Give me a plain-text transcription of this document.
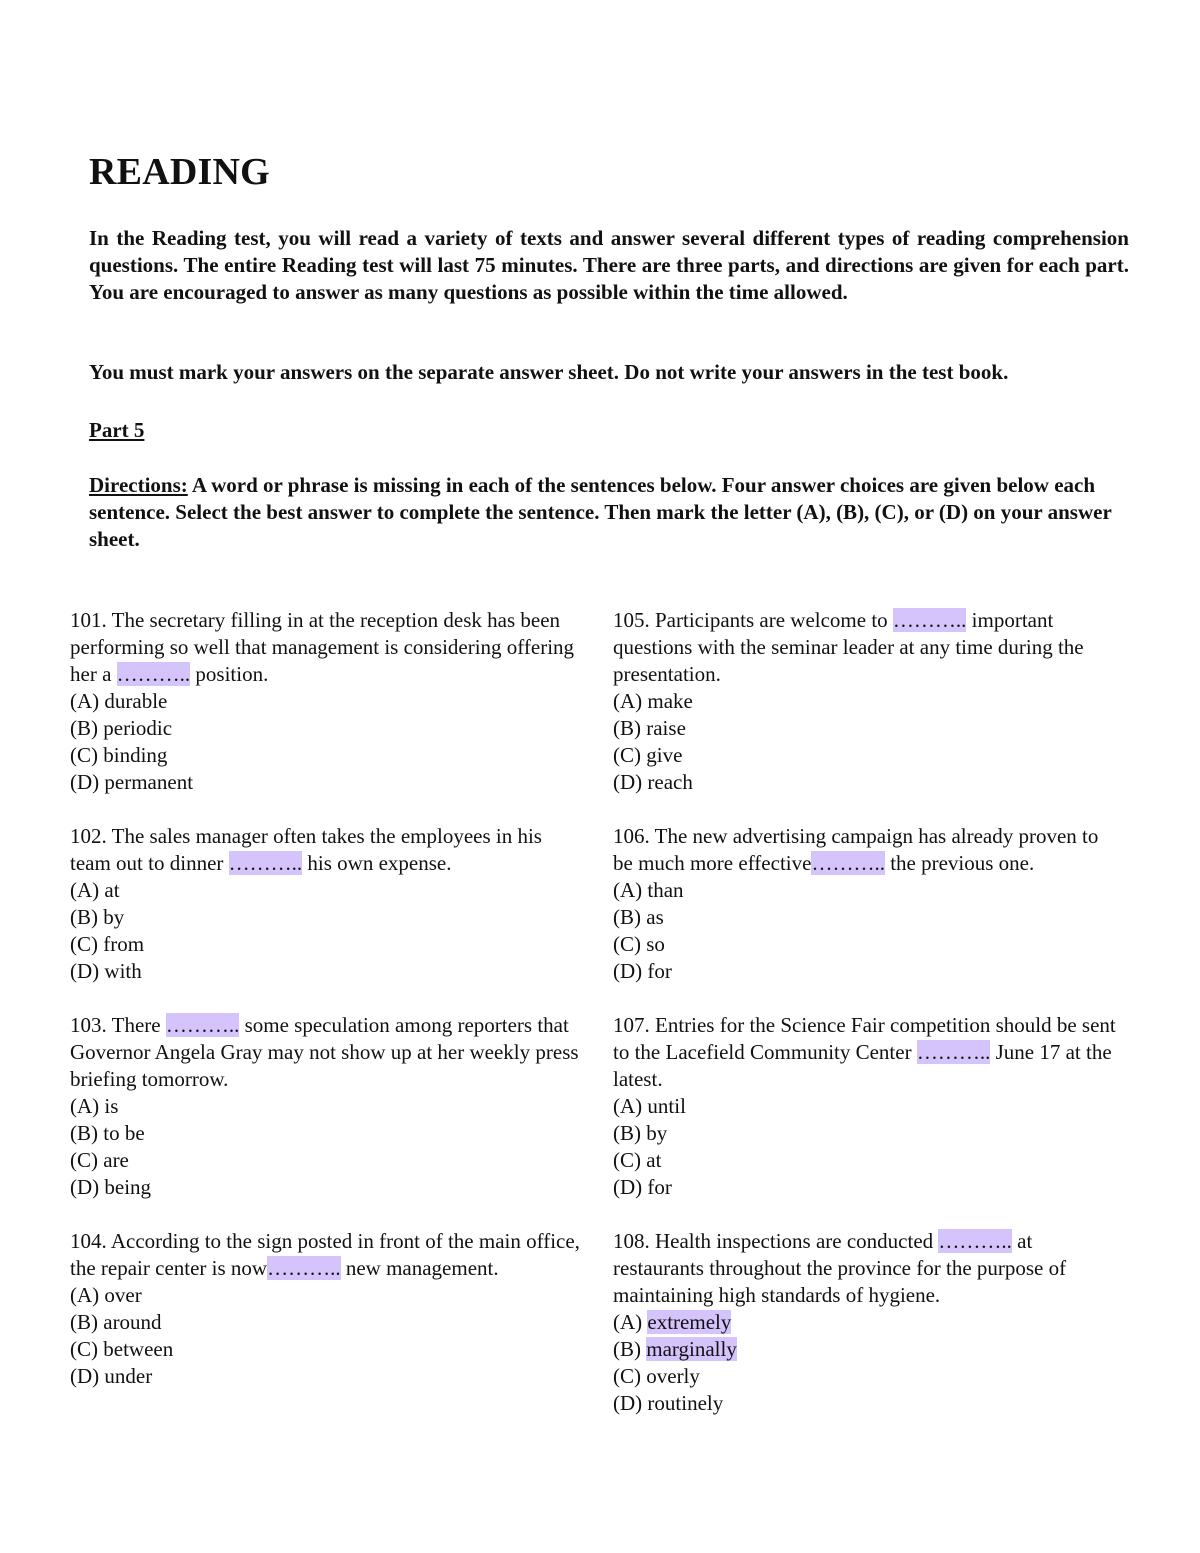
READING

In the Reading test, you will read a variety of texts and answer several different types of reading comprehension questions. The entire Reading test will last 75 minutes. There are three parts, and directions are given for each part. You are encouraged to answer as many questions as possible within the time allowed.

You must mark your answers on the separate answer sheet. Do not write your answers in the test book.

Part 5

Directions: A word or phrase is missing in each of the sentences below. Four answer choices are given below each sentence. Select the best answer to complete the sentence. Then mark the letter (A), (B), (C), or (D) on your answer sheet.

101. The secretary filling in at the reception desk has been performing so well that management is considering offering her a ……….. position.
(A) durable
(B) periodic
(C) binding
(D) permanent
102. The sales manager often takes the employees in his team out to dinner ……….. his own expense.
(A) at
(B) by
(C) from
(D) with
103. There ……….. some speculation among reporters that Governor Angela Gray may not show up at her weekly press briefing tomorrow.
(A) is
(B) to be
(C) are
(D) being
104. According to the sign posted in front of the main office, the repair center is now……….. new management.
(A) over
(B) around
(C) between
(D) under
105. Participants are welcome to ……….. important questions with the seminar leader at any time during the presentation.
(A) make
(B) raise
(C) give
(D) reach
106. The new advertising campaign has already proven to be much more effective……….. the previous one.
(A) than
(B) as
(C) so
(D) for
107. Entries for the Science Fair competition should be sent to the Lacefield Community Center ……….. June 17 at the latest.
(A) until
(B) by
(C) at
(D) for
108. Health inspections are conducted ……….. at restaurants throughout the province for the purpose of maintaining high standards of hygiene.
(A) extremely
(B) marginally
(C) overly
(D) routinely
